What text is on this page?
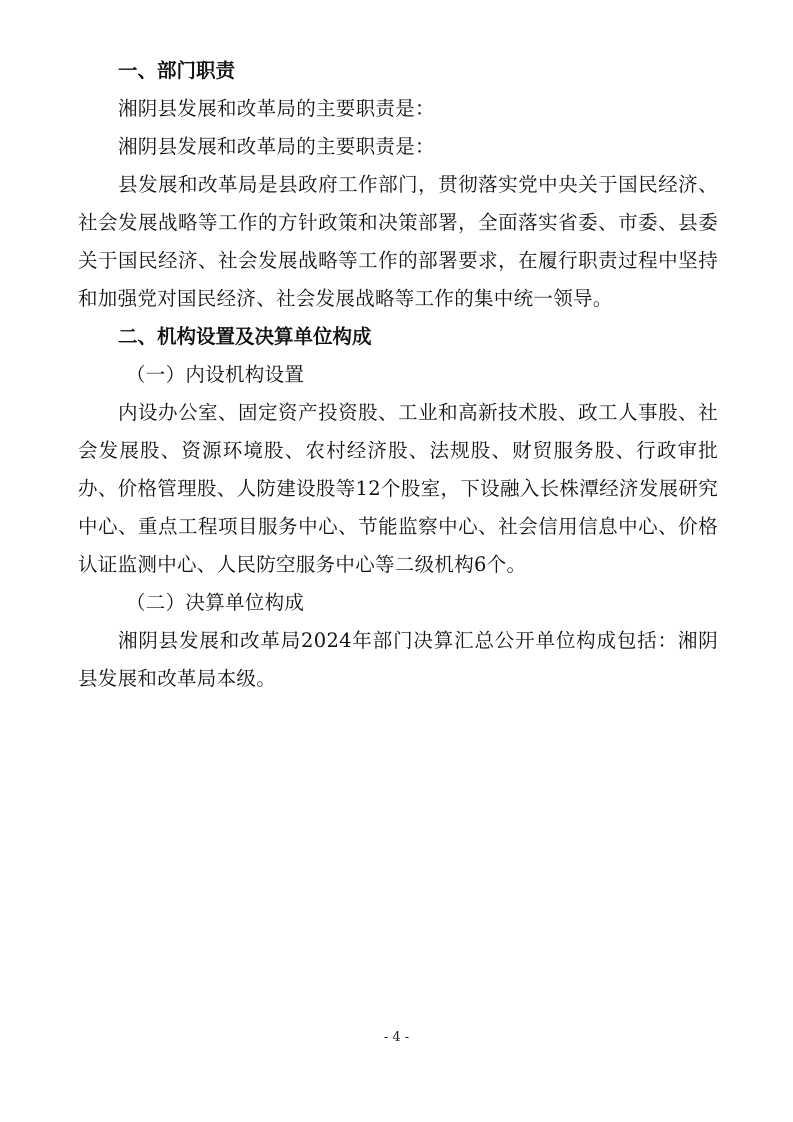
一、部门职责

湘阴县发展和改革局的主要职责是：

湘阴县发展和改革局的主要职责是：

县发展和改革局是县政府工作部门，贯彻落实党中央关于国民经济、社会发展战略等工作的方针政策和决策部署，全面落实省委、市委、县委关于国民经济、社会发展战略等工作的部署要求，在履行职责过程中坚持和加强党对国民经济、社会发展战略等工作的集中统一领导。

二、机构设置及决算单位构成

（一）内设机构设置

内设办公室、固定资产投资股、工业和高新技术股、政工人事股、社会发展股、资源环境股、农村经济股、法规股、财贸服务股、行政审批办、价格管理股、人防建设股等12个股室，下设融入长株潭经济发展研究中心、重点工程项目服务中心、节能监察中心、社会信用信息中心、价格认证监测中心、人民防空服务中心等二级机构6个。

（二）决算单位构成

湘阴县发展和改革局2024年部门决算汇总公开单位构成包括：湘阴县发展和改革局本级。

- 4 -
